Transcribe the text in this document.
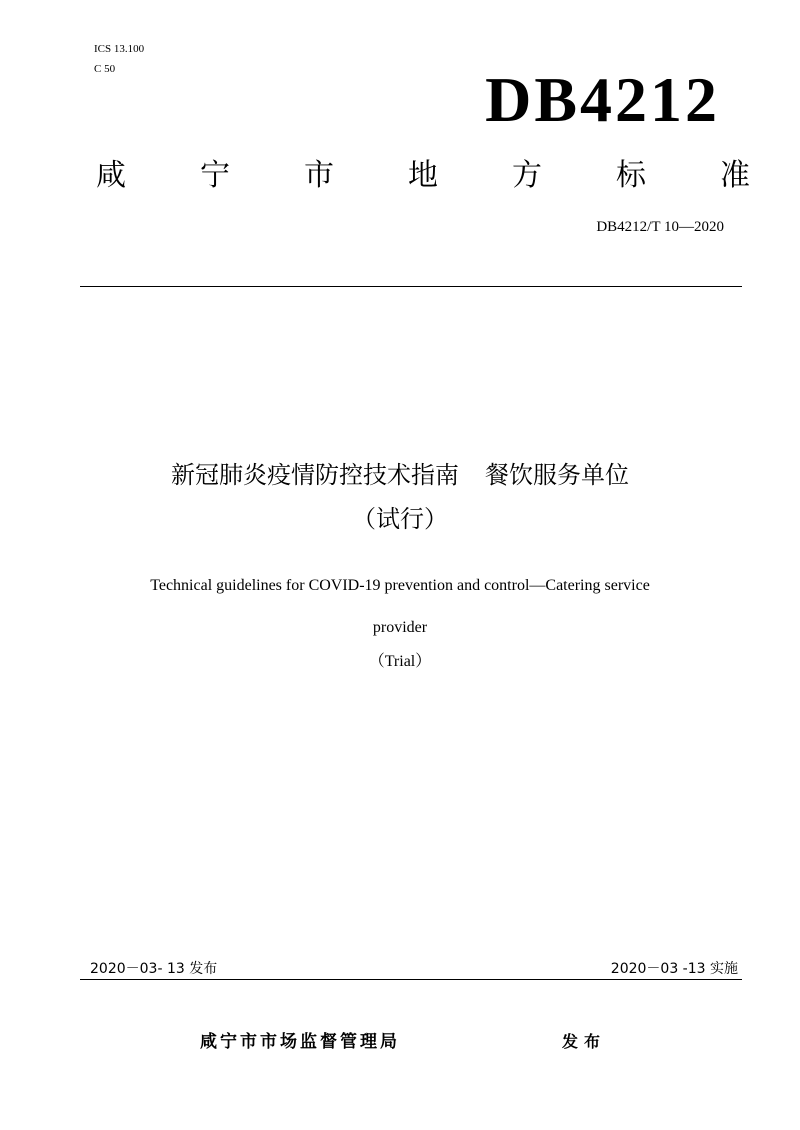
ICS 13.100
C 50	DB4212
咸 宁 市 地 方 标 准
DB4212/T 10—2020
新冠肺炎疫情防控技术指南 餐饮服务单位
（试行）
Technical guidelines for COVID-19 prevention and control—Catering service
provider
（Trial）
2020－03- 13 发布	2020－03 -13 实施
咸宁市市场监督管理局	发布
